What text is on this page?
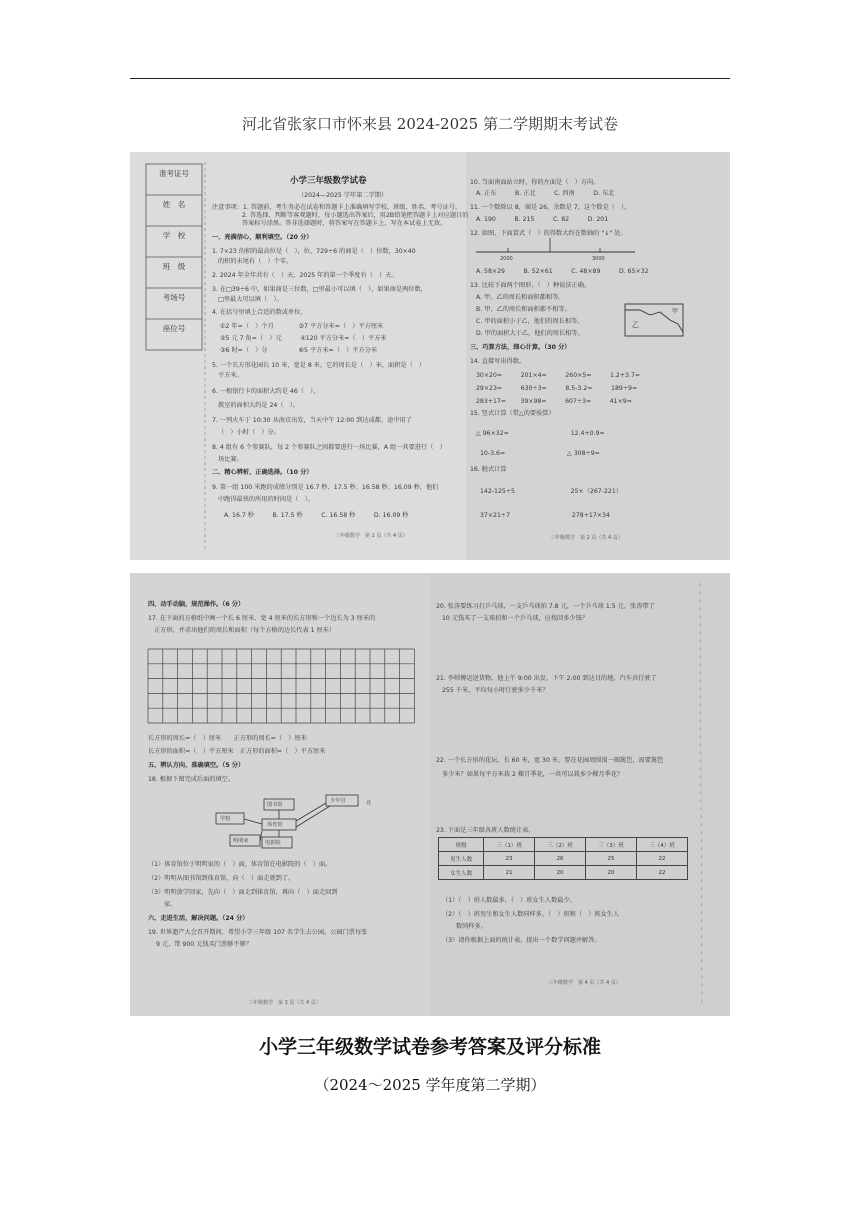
河北省张家口市怀来县 2024-2025 第二学期期末考试卷
准考证号
姓　名
学　校
班　级
考场号
座位号
小学三年级数学试卷
（2024—2025 学年第二学期）
注意事项：1. 答题前，考生务必在试卷和答题卡上准确填写学校、班级、姓名、考号证号。
2. 答选择、判断等客观题时，每小题选出答案后，用2B铅笔把答题卡上对应题目的
答案标号涂黑。答非选择题时，将答案写在答题卡上，写在本试卷上无效。
一、亮满信心，顺利填空。（20 分）
1. 7×23 的积的最高位是（　），位，729÷6 的商是（　）位数，30×40
的积的末尾有（　）个零。
2. 2024 年全年共有（　）天，2025 年的第一个季度有（　）天。
3. 在□39÷6 中，如果商是三位数，□里最小可以填（　），如果商是两位数，
□里最大可以填（　）。
4. 在括号里填上合适的数或单位。
①2 年=（　）个月　　　　③7 平方分米=（　）平方厘米
②5 元 7 角=（　）元　　　④120 平方分米=（　）平方米
③6 时=（　）分　　　　　⑥5 平方米=（　）平方分米
5. 一个长方形花园长 10 米，宽是 8 米，它的周长是（　）米，面积是（　）
平方米。
6. 一根银行卡的面积大约是 46（　），
教室的面积大约是 24（　）。
7. 一列火车于 10:30 从南京出发，当天中午 12:00 到达成都，途中用了
（　）小时（　）分。
8. 4 组有 6 个参赛队，每 2 个参赛队之间都要进行一场比赛，A 组一共要进行（　）
场比赛。
二、精心辨析，正确选择。（10 分）
9. 第一组 100 米跑的成绩分别是 16.7 秒、17.5 秒、16.58 秒、16.09 秒，他们
中跑得最快的所用的时间是（　）。
A. 16.7 秒　　　B. 17.5 秒　　　C. 16.58 秒　　　D. 16.09 秒
三年级数学　第 1 页（共 4 页）
10. 当面南面站立时，你的左面是（　）方向。
A. 正东　　　B. 正北　　　C. 西南　　　D. 东北
11. 一个数除以 8，商是 26，余数是 7，这个数是（　）。
A. 190　　　B. 215　　　C. 82　　　D. 201
12. 如图，下面算式（　）的得数大约在数轴的 "↓" 处。
2000	3000
A. 58×29　　　B. 52×61　　　C. 48×89　　　D. 65×32
13. 比较下面两个图形，（　）种说法正确。
A. 甲、乙的周长和面积都相等。
B. 甲、乙的周长和面积都不相等。
C. 甲的面积小于乙，他们的周长相等。
D. 甲的面积大于乙，他们的周长相等。
乙
甲
三、巧算方法，细心计算。（30 分）
14. 直接写出得数。
30×20=　　　201×4=　　　260×5=　　　1.2+3.7=
29×23=　　　630÷3=　　　8.5-3.2=　　　189÷9=
283+17=　　 39×98=　　　607÷3≈　　　41×9≈
15. 竖式计算（带△的要验算）
△ 96×32=　　　　　　　　　　12.4+0.9=
10-3.6=　　　　　　　　　　△ 308÷9=
16. 脱式计算
142-125÷5　　　　　　　　　25×（267-221）
37×21÷7　　　　　　　　　　278+17×34
三年级数学　第 2 页（共 4 页）
四、动手动脑，规范操作。（6 分）
17. 在下面的方格纸中画一个长 6 厘米、宽 4 厘米的长方形和一个边长为 3 厘米的
正方形，并求出他们的周长和面积（每个方格的边长代表 1 厘米）
长方形的周长=（　）厘米　　正方形的周长=（　）厘米
长方形的面积=（　）平方厘米　正方形的面积=（　）平方厘米
五、辨认方向，准确填空。（5 分）
18. 根据下图完成后面的填空。
图书馆
学校
体育馆
明明家	电影院
少年宫	北
（1）体育馆位于明明家的（　）面，体育馆在电影院的（　）面。
（2）明明从图书馆到体育馆，向（　）面走就到了。
（3）明明放学回家，先向（　）面走到体育馆，再向（　）面走回到
家。
六、走进生活，解决问题。（24 分）
19. 世界遗产大会召开期间，希望小学三年级 107 名学生去公园，公园门票每张
9 元，带 900 元钱买门票够不够？
三年级数学　第 3 页（共 4 页）
20. 张涛要练习打乒乓球，一支乒乓球拍 7.8 元，一个乒乓球 1.5 元，张涛带了
10 元钱买了一支球拍和一个乒乓球，应找回多少钱？
21. 李师傅运送货物，他上午 9:00 出发，下午 2:00 到达目的地，汽车共行驶了
255 千米，平均每小时行驶多少千米？
22. 一个长方形的花坛，长 60 米，宽 30 米，要在花园周围围一圈篱笆，需要篱笆
多少米？如果每平方米栽 2 棵月季花，一共可以栽多少棵月季花？
23. 下面是三年级各班人数统计表。
班级	三（1）班	三（2）班	三（3）班	三（4）班
男生人数	23	26	25	22
女生人数	21	20	20	22
（1）（　）班人数最多，（　）班女生人数最少。
（2）（　）班男生和女生人数同样多，（　）班和（　）班女生人
数同样多。
（3）请你根据上面的统计表，提出一个数学问题并解答。
三年级数学　第 4 页（共 4 页）
小学三年级数学试卷参考答案及评分标准
（2024～2025 学年度第二学期）
